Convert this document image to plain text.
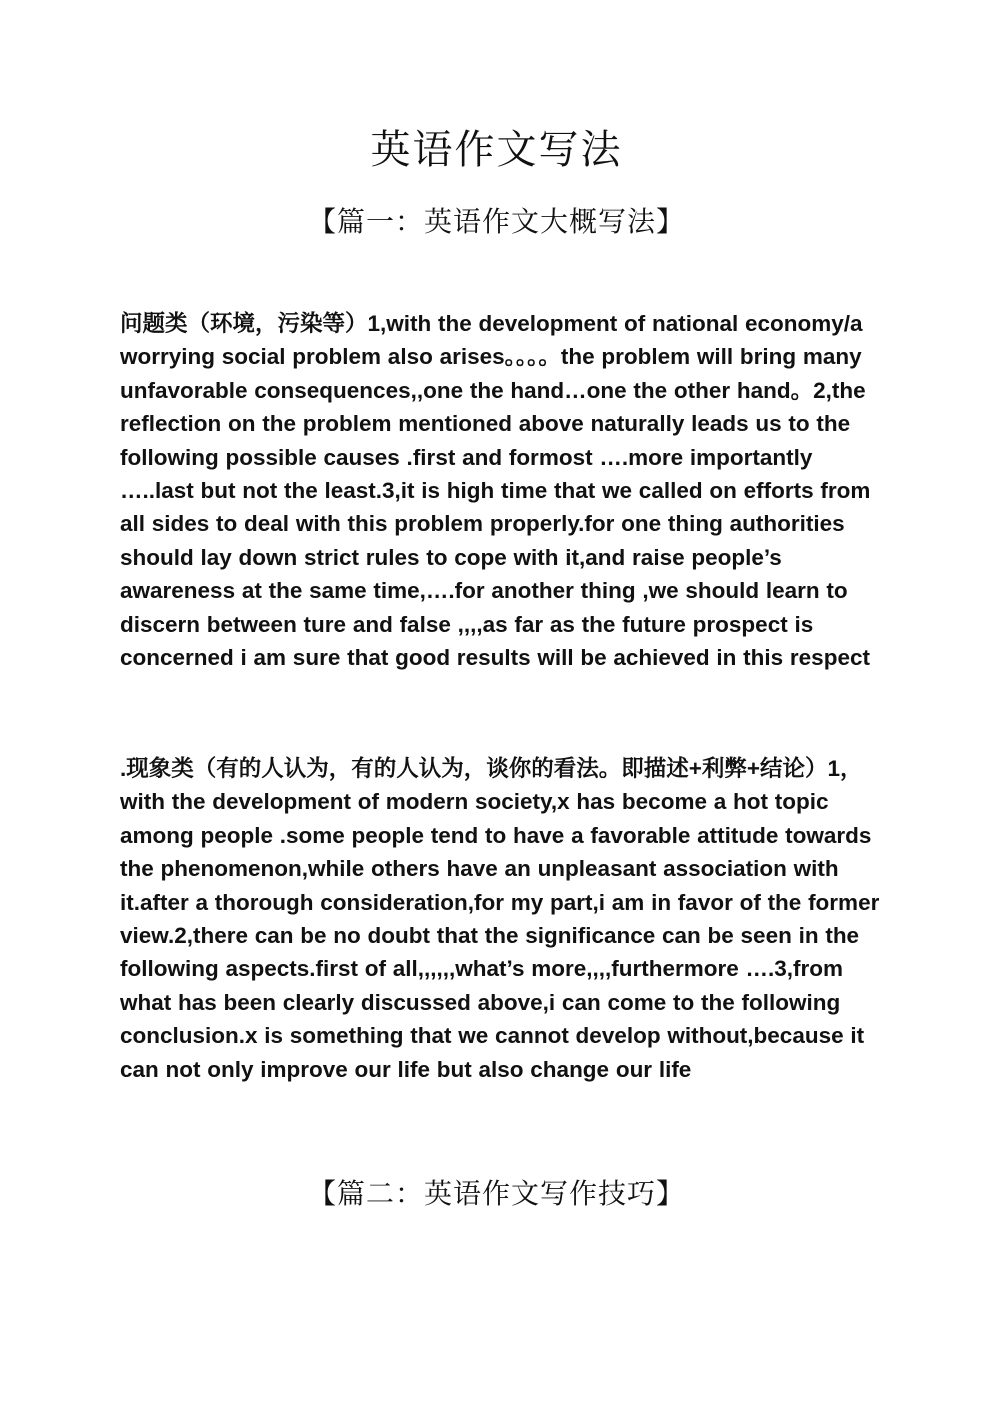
英语作文写法
【篇一：英语作文大概写法】

问题类（环境，污染等）1,with the development of national economy/a worrying social problem also arises。。。。the problem will bring many unfavorable consequences,,one the hand…one the other hand。2,the reflection on the problem mentioned above naturally leads us to the following possible causes .first and formost ….more importantly …..last but not the least.3,it is high time that we called on efforts from all sides to deal with this problem properly.for one thing authorities should lay down strict rules to cope with it,and raise people’s awareness at the same time,….for another thing ,we should learn to discern between ture and false ,,,,as far as the future prospect is concerned i am sure that good results will be achieved in this respect

.现象类（有的人认为，有的人认为，谈你的看法。即描述+利弊+结论）1，with the development of modern society,x has become a hot topic among people .some people tend to have a favorable attitude towards the phenomenon,while others have an unpleasant association with it.after a thorough consideration,for my part,i am in favor of the former view.2,there can be no doubt that the significance can be seen in the following aspects.first of all,,,,,,what’s more,,,,furthermore ….3,from what has been clearly discussed above,i can come to the following conclusion.x is something that we cannot develop without,because it can not only improve our life but also change our life

【篇二：英语作文写作技巧】
